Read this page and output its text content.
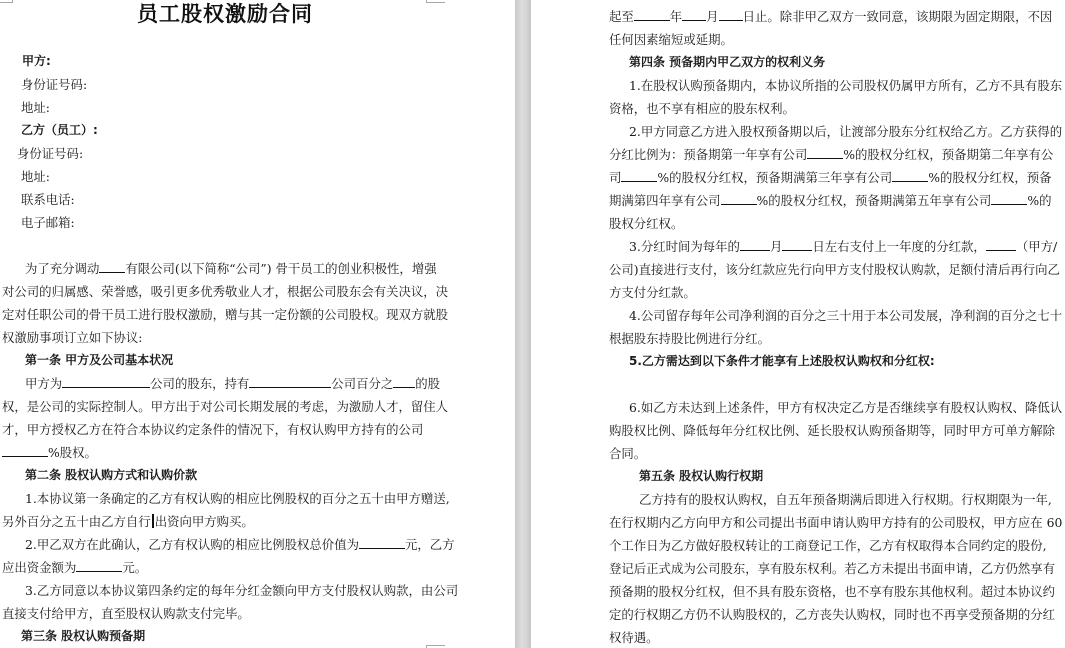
员工股权激励合同
甲方:
身份证号码:
地址:
乙方（员工）:
身份证号码:
地址:
联系电话:
电子邮箱:
为了充分调动 有限公司(以下简称“公司”) 骨干员工的创业积极性，增强
对公司的归属感、荣誉感，吸引更多优秀敬业人才，根据公司股东会有关决议，决
定对任职公司的骨干员工进行股权激励，赠与其一定份额的公司股权。现双方就股
权激励事项订立如下协议:
第一条 甲方及公司基本状况
甲方为	公司的股东，持有	公司百分之 的股
权，是公司的实际控制人。甲方出于对公司长期发展的考虑，为激励人才，留住人
才，甲方授权乙方在符合本协议约定条件的情况下，有权认购甲方持有的公司
%股权。
第二条 股权认购方式和认购价款
1.本协议第一条确定的乙方有权认购的相应比例股权的百分之五十由甲方赠送,
另外百分之五十由乙方自行 出资向甲方购买。
2.甲乙双方在此确认，乙方有权认购的相应比例股权总价值为	元，乙方
应出资金额为	元。
3.乙方同意以本协议第四条约定的每年分红金额向甲方支付股权认购款，由公司
直接支付给甲方，直至股权认购款支付完毕。
第三条 股权认购预备期
起至	年 月 日止。除非甲乙双方一致同意，该期限为固定期限，不因
任何因素缩短或延期。
第四条 预备期内甲乙双方的权利义务
1.在股权认购预备期内，本协议所指的公司股权仍属甲方所有，乙方不具有股东
资格，也不享有相应的股东权利。
2.甲方同意乙方进入股权预备期以后，让渡部分股东分红权给乙方。乙方获得的
分红比例为：预备期第一年享有公司	%的股权分红权，预备期第二年享有公
司	%的股权分红权，预备期满第三年享有公司	%的股权分红权，预备
期满第四年享有公司	%的股权分红权，预备期满第五年享有公司	%的
股权分红权。
3.分红时间为每年的 月 日左右支付上一年度的分红款， （甲方/
公司)直接进行支付，该分红款应先行向甲方支付股权认购款，足额付清后再行向乙
方支付分红款。
4.公司留存每年公司净利润的百分之三十用于本公司发展，净利润的百分之七十
根据股东持股比例进行分红。
5.乙方需达到以下条件才能享有上述股权认购权和分红权:
6.如乙方未达到上述条件，甲方有权决定乙方是否继续享有股权认购权、降低认
购股权比例、降低每年分红权比例、延长股权认购预备期等，同时甲方可单方解除
合同。
第五条 股权认购行权期
乙方持有的股权认购权，自五年预备期满后即进入行权期。行权期限为一年,
在行权期内乙方向甲方和公司提出书面申请认购甲方持有的公司股权，甲方应在 60
个工作日为乙方做好股权转让的工商登记工作，乙方有权取得本合同约定的股份,
登记后正式成为公司股东，享有股东权利。若乙方未提出书面申请，乙方仍然享有
预备期的股权分红权，但不具有股东资格，也不享有股东其他权利。超过本协议约
定的行权期乙方仍不认购股权的，乙方丧失认购权，同时也不再享受预备期的分红
权待遇。
